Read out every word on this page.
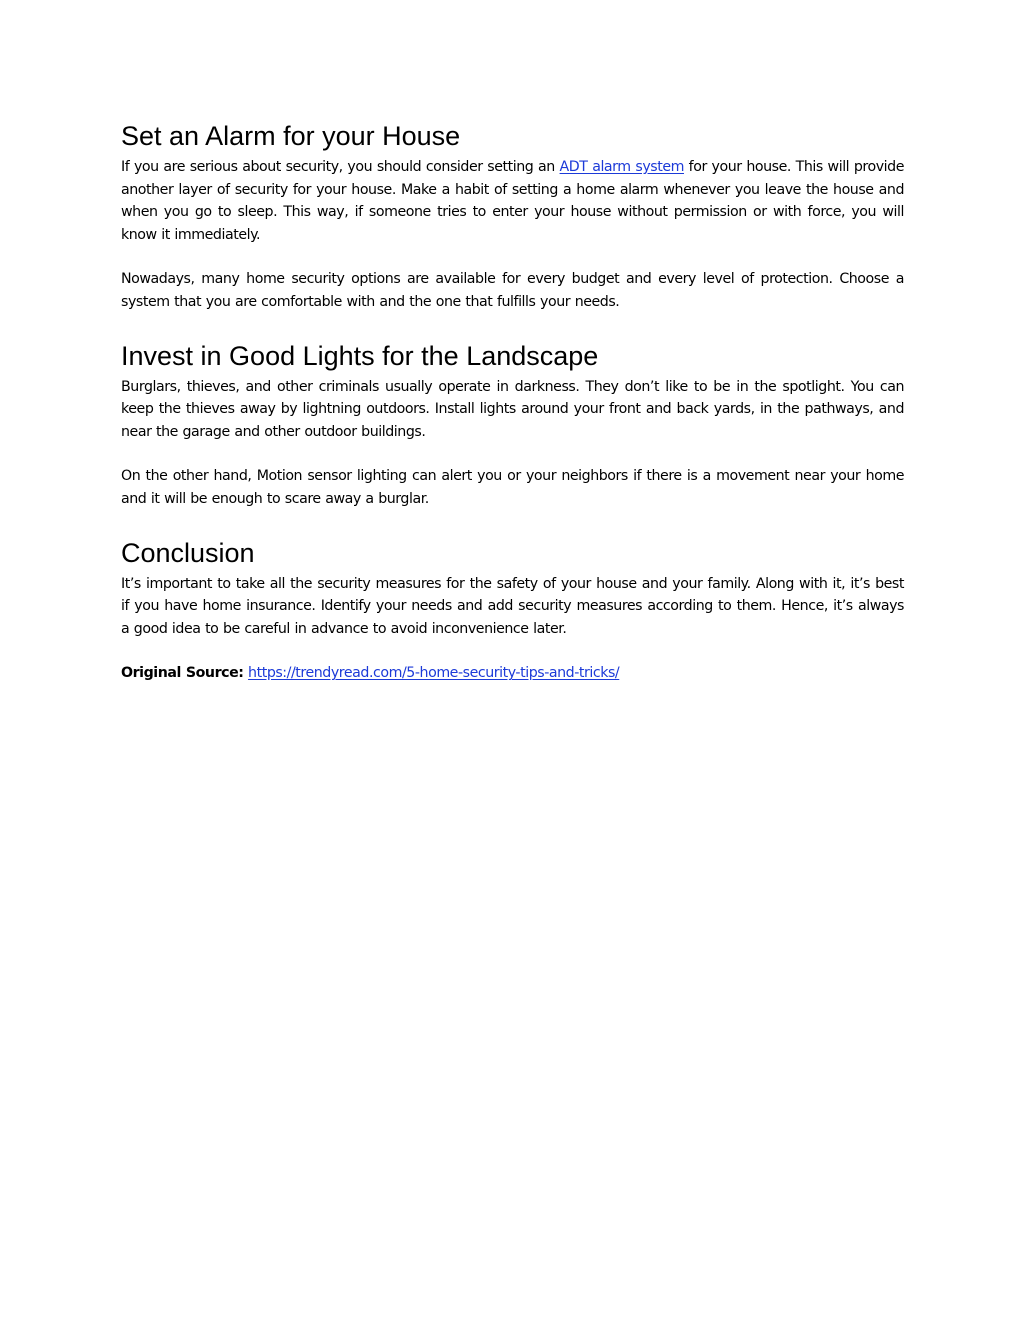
Set an Alarm for your House

If you are serious about security, you should consider setting an ADT alarm system for your house. This will provide another layer of security for your house. Make a habit of setting a home alarm whenever you leave the house and when you go to sleep. This way, if someone tries to enter your house without permission or with force, you will know it immediately.

Nowadays, many home security options are available for every budget and every level of protection. Choose a system that you are comfortable with and the one that fulfills your needs.

Invest in Good Lights for the Landscape

Burglars, thieves, and other criminals usually operate in darkness. They don’t like to be in the spotlight. You can keep the thieves away by lightning outdoors. Install lights around your front and back yards, in the pathways, and near the garage and other outdoor buildings.

On the other hand, Motion sensor lighting can alert you or your neighbors if there is a movement near your home and it will be enough to scare away a burglar.

Conclusion

It’s important to take all the security measures for the safety of your house and your family. Along with it, it’s best if you have home insurance. Identify your needs and add security measures according to them. Hence, it’s always a good idea to be careful in advance to avoid inconvenience later.

Original Source: https://trendyread.com/5-home-security-tips-and-tricks/
